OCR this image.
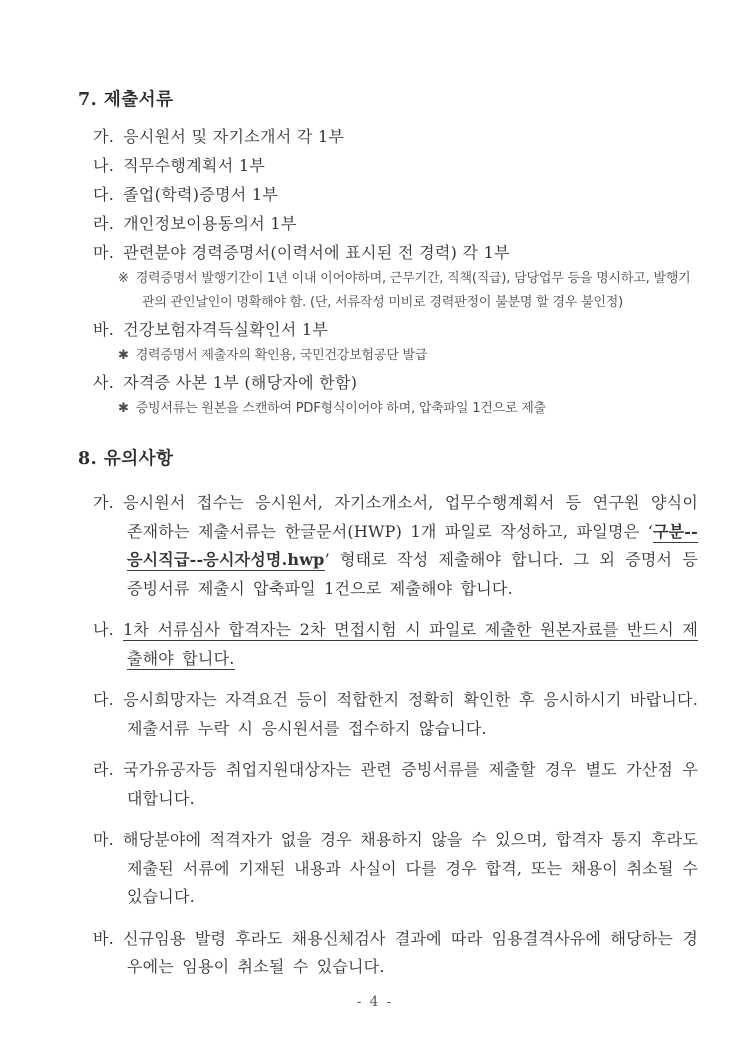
7. 제출서류
가. 응시원서 및 자기소개서 각 1부
나. 직무수행계획서 1부
다. 졸업(학력)증명서 1부
라. 개인정보이용동의서 1부
마. 관련분야 경력증명서(이력서에 표시된 전 경력) 각 1부
※ 경력증명서 발행기간이 1년 이내 이어야하며, 근무기간, 직책(직급), 담당업무 등을 명시하고, 발행기관의 관인날인이 명확해야 함. (단, 서류작성 미비로 경력판정이 불분명 할 경우 불인정)
바. 건강보험자격득실확인서 1부
✱ 경력증명서 제출자의 확인용, 국민건강보험공단 발급
사. 자격증 사본 1부 (해당자에 한함)
✱ 증빙서류는 원본을 스캔하여 PDF형식이어야 하며, 압축파일 1건으로 제출
8. 유의사항
가. 응시원서 접수는 응시원서, 자기소개소서, 업무수행계획서 등 연구원 양식이 존재하는 제출서류는 한글문서(HWP) 1개 파일로 작성하고, 파일명은 ‘구분--응시직급--응시자성명.hwp’ 형태로 작성 제출해야 합니다. 그 외 증명서 등 증빙서류 제출시 압축파일 1건으로 제출해야 합니다.
나. 1차 서류심사 합격자는 2차 면접시험 시 파일로 제출한 원본자료를 반드시 제출해야 합니다.
다. 응시희망자는 자격요건 등이 적합한지 정확히 확인한 후 응시하시기 바랍니다. 제출서류 누락 시 응시원서를 접수하지 않습니다.
라. 국가유공자등 취업지원대상자는 관련 증빙서류를 제출할 경우 별도 가산점 우대합니다.
마. 해당분야에 적격자가 없을 경우 채용하지 않을 수 있으며, 합격자 통지 후라도 제출된 서류에 기재된 내용과 사실이 다를 경우 합격, 또는 채용이 취소될 수 있습니다.
바. 신규임용 발령 후라도 채용신체검사 결과에 따라 임용결격사유에 해당하는 경우에는 임용이 취소될 수 있습니다.
- 4 -
